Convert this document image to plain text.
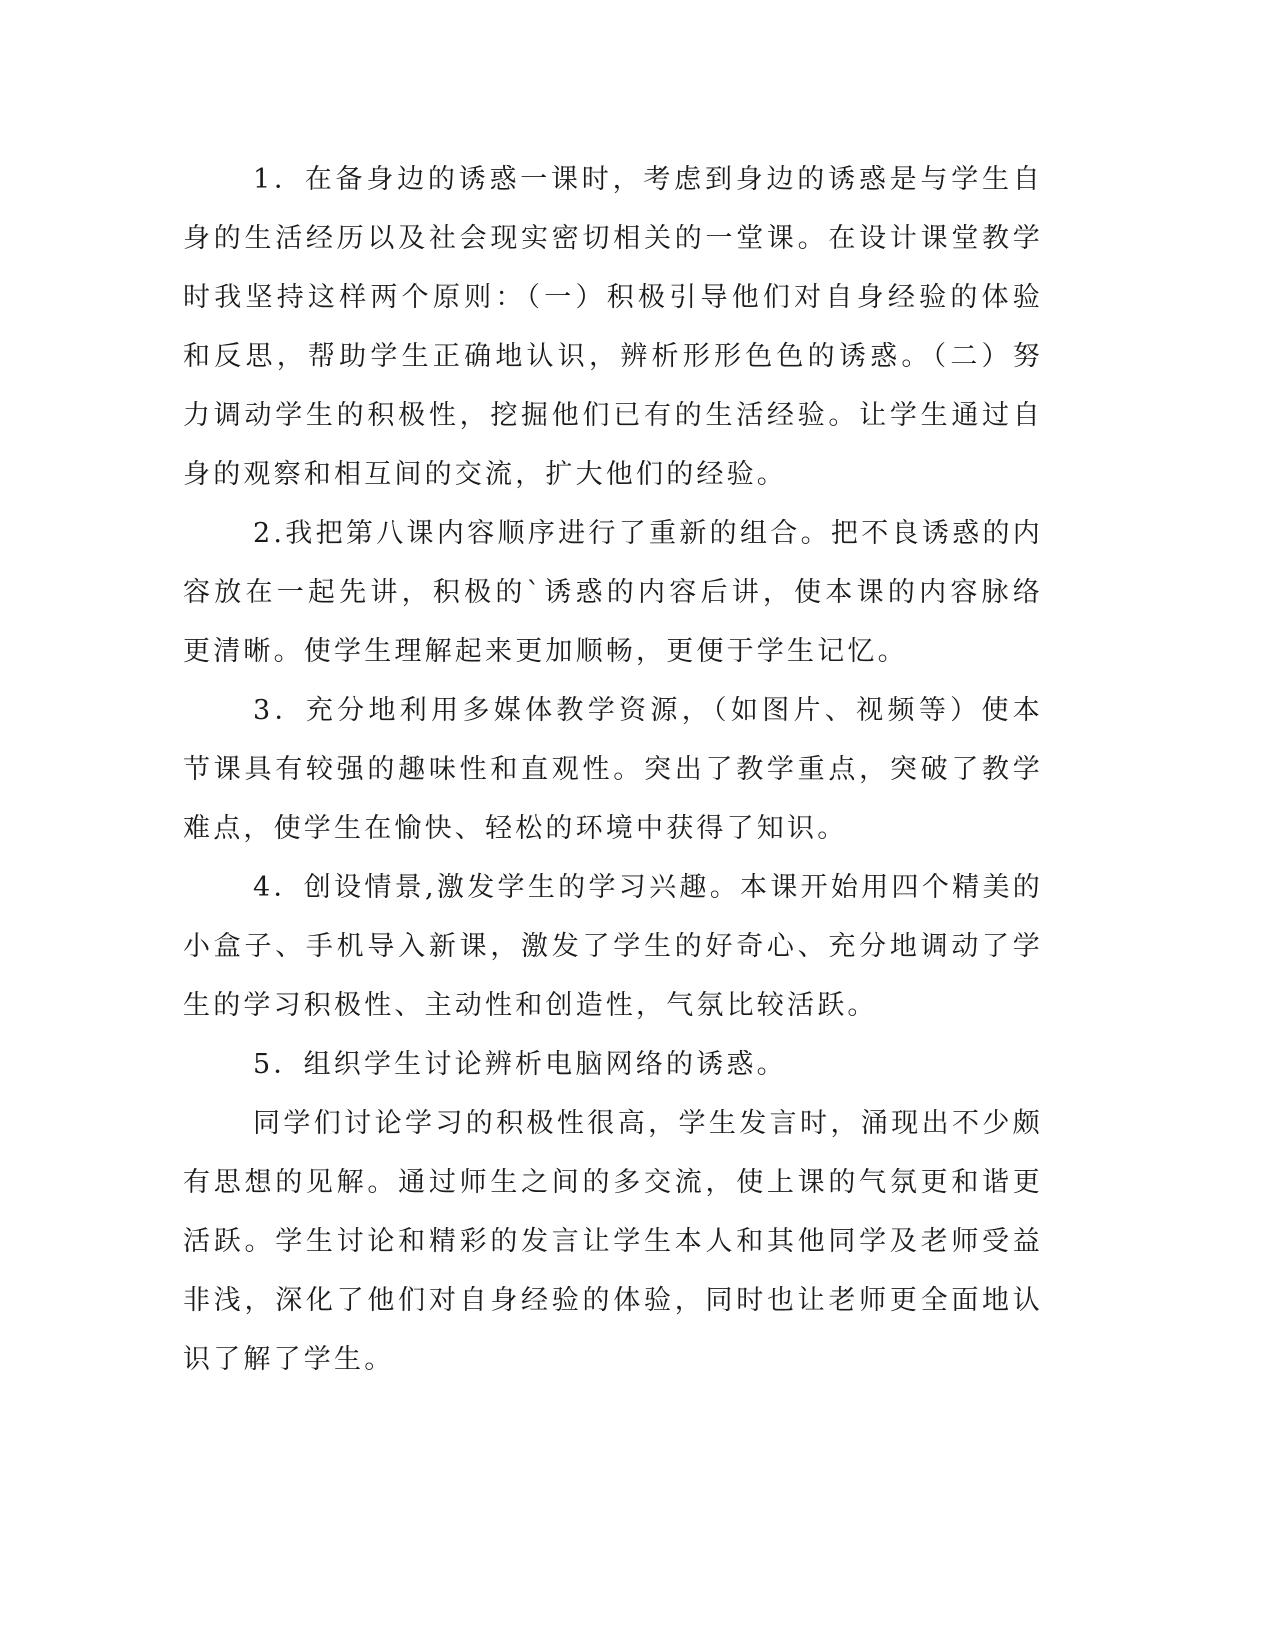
1．在备身边的诱惑一课时，考虑到身边的诱惑是与学生自身的生活经历以及社会现实密切相关的一堂课。在设计课堂教学时我坚持这样两个原则：（一）积极引导他们对自身经验的体验和反思，帮助学生正确地认识，辨析形形色色的诱惑。（二）努力调动学生的积极性，挖掘他们已有的生活经验。让学生通过自身的观察和相互间的交流，扩大他们的经验。

2.我把第八课内容顺序进行了重新的组合。把不良诱惑的内容放在一起先讲，积极的`诱惑的内容后讲，使本课的内容脉络更清晰。使学生理解起来更加顺畅，更便于学生记忆。

3．充分地利用多媒体教学资源，（如图片、视频等）使本节课具有较强的趣味性和直观性。突出了教学重点，突破了教学难点，使学生在愉快、轻松的环境中获得了知识。

4．创设情景,激发学生的学习兴趣。本课开始用四个精美的小盒子、手机导入新课，激发了学生的好奇心、充分地调动了学生的学习积极性、主动性和创造性，气氛比较活跃。

5．组织学生讨论辨析电脑网络的诱惑。

同学们讨论学习的积极性很高，学生发言时，涌现出不少颇有思想的见解。通过师生之间的多交流，使上课的气氛更和谐更活跃。学生讨论和精彩的发言让学生本人和其他同学及老师受益非浅，深化了他们对自身经验的体验，同时也让老师更全面地认识了解了学生。
